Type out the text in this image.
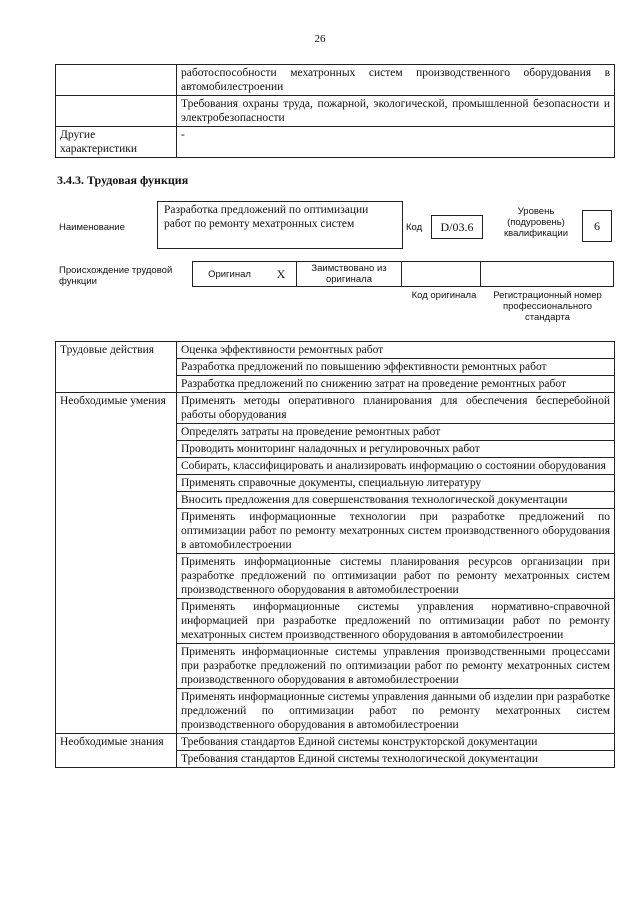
26
	работоспособности мехатронных систем производственного оборудования в автомобилестроении
	Требования охраны труда, пожарной, экологической, промышленной безопасности и электробезопасности
Другие характеристики	-
3.4.3. Трудовая функция
Наименование
Разработка предложений по оптимизации работ по ремонту мехатронных систем	Код	D/03.6
Уровень (подуровень) квалификации
6
Происхождение трудовой функции
Оригинал	X	Заимствовано из оригинала		
Код оригинала	Регистрационный номер профессионального стандарта
Трудовые действия	Оценка эффективности ремонтных работ
	Разработка предложений по повышению эффективности ремонтных работ
	Разработка предложений по снижению затрат на проведение ремонтных работ
Необходимые умения	Применять методы оперативного планирования для обеспечения бесперебойной работы оборудования
	Определять затраты на проведение ремонтных работ
	Проводить мониторинг наладочных и регулировочных работ
	Собирать, классифицировать и анализировать информацию о состоянии оборудования
	Применять справочные документы, специальную литературу
	Вносить предложения для совершенствования технологической документации
	Применять информационные технологии при разработке предложений по оптимизации работ по ремонту мехатронных систем производственного оборудования в автомобилестроении
	Применять информационные системы планирования ресурсов организации при разработке предложений по оптимизации работ по ремонту мехатронных систем производственного оборудования в автомобилестроении
	Применять информационные системы управления нормативно-справочной информацией при разработке предложений по оптимизации работ по ремонту мехатронных систем производственного оборудования в автомобилестроении
	Применять информационные системы управления производственными процессами при разработке предложений по оптимизации работ по ремонту мехатронных систем производственного оборудования в автомобилестроении
	Применять информационные системы управления данными об изделии при разработке предложений по оптимизации работ по ремонту мехатронных систем производственного оборудования в автомобилестроении
Необходимые знания	Требования стандартов Единой системы конструкторской документации
	Требования стандартов Единой системы технологической документации
